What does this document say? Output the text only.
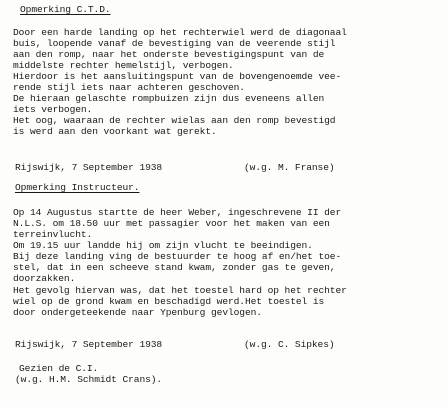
Opmerking C.T.D.
Door een harde landing op het rechterwiel werd de diagonaal
buis, loopende vanaf de bevestiging van de veerende stijl
aan den romp, naar het onderste bevestigingspunt van de
middelste rechter hemelstijl, verbogen.
Hierdoor is het aansluitingspunt van de bovengenoemde vee-
rende stijl iets naar achteren geschoven.
De hieraan gelaschte rompbuizen zijn dus eveneens allen
iets verbogen.
Het oog, waaraan de rechter wielas aan den romp bevestigd
is werd aan den voorkant wat gerekt.
Rijswijk, 7 September 1938	(w.g. M. Franse)
Opmerking Instructeur.
Op 14 Augustus startte de heer Weber, ingeschrevene II der
N.L.S. om 18.50 uur met passagier voor het maken van een
terreinvlucht.
Om 19.15 uur landde hij om zijn vlucht te beeindigen.
Bij deze landing ving de bestuurder te hoog af en/het toe-
stel, dat in een scheeve stand kwam, zonder gas te geven,
doorzakken.
Het gevolg hiervan was, dat het toestel hard op het rechter
wiel op de grond kwam en beschadigd werd.Het toestel is
door ondergeteekende naar Ypenburg gevlogen.
Rijswijk, 7 September 1938	(w.g. C. Sipkes)
Gezien de C.I.
(w.g. H.M. Schmidt Crans).
